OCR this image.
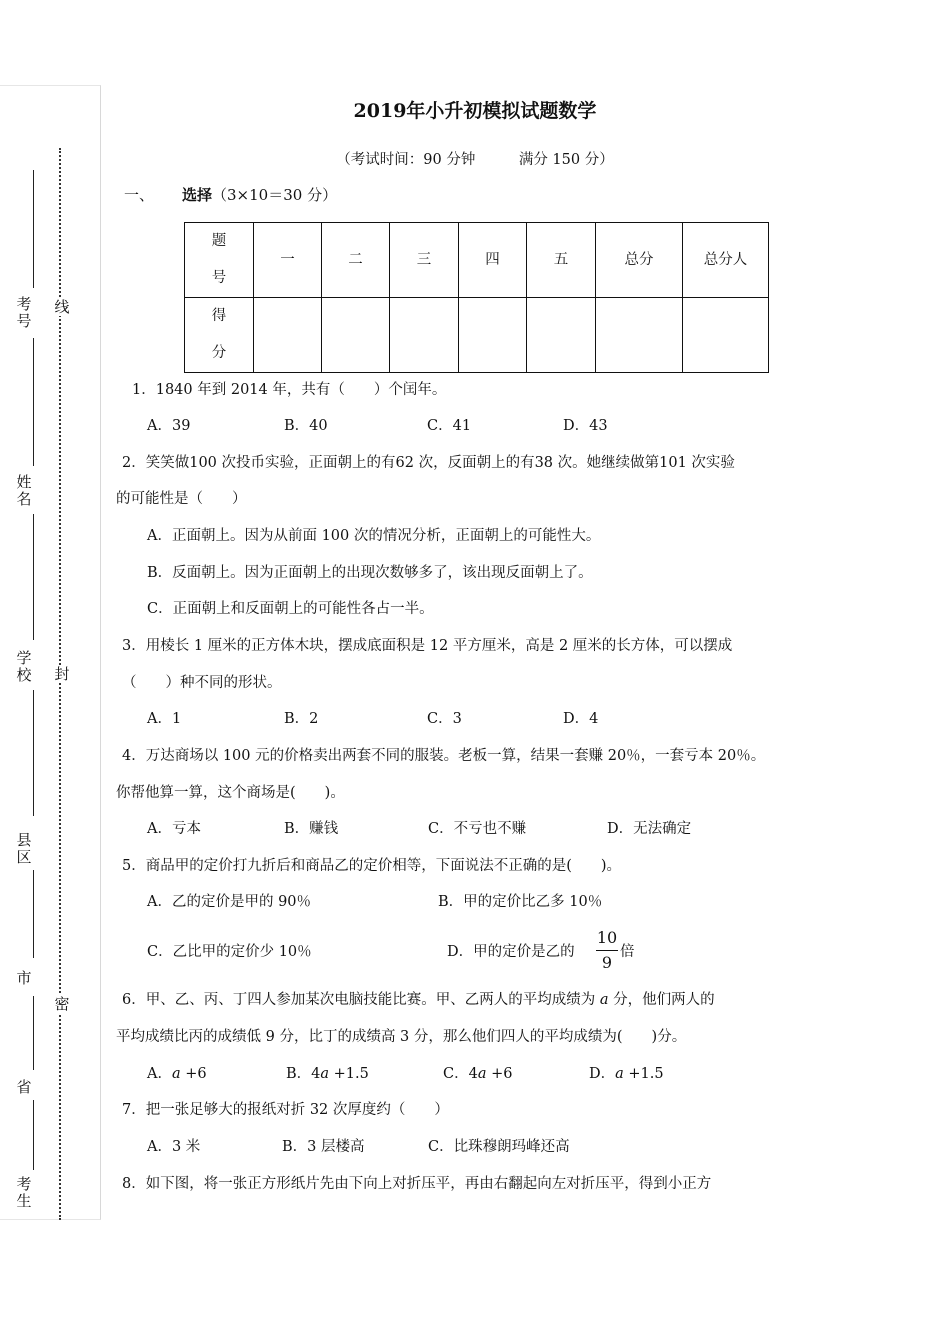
线
封
密
考号
姓名
学校
县区
市
省
考生
2019年小升初模拟试题数学
（考试时间：90 分钟　　　满分 150 分）
一、 选择（3×10＝30 分）
题号	一	二	三	四	五	总分	总分人

得分							

1．1840 年到 2014 年，共有（　　）个闰年。
A．39	B．40	C．41	D．43
2．笑笑做100 次投币实验，正面朝上的有62 次，反面朝上的有38 次。她继续做第101 次实验
的可能性是（　　）
A．正面朝上。因为从前面 100 次的情况分析，正面朝上的可能性大。
B．反面朝上。因为正面朝上的出现次数够多了，该出现反面朝上了。
C．正面朝上和反面朝上的可能性各占一半。
3．用棱长 1 厘米的正方体木块，摆成底面积是 12 平方厘米，高是 2 厘米的长方体，可以摆成
（　　）种不同的形状。
A．1	B．2	C．3	D．4
4．万达商场以 100 元的价格卖出两套不同的服装。老板一算，结果一套赚 20％，一套亏本 20％。
你帮他算一算，这个商场是(　　)。
A．亏本	B．赚钱	C．不亏也不赚	D．无法确定
5．商品甲的定价打九折后和商品乙的定价相等，下面说法不正确的是(　　)。
A．乙的定价是甲的 90％	B．甲的定价比乙多 10％
C．乙比甲的定价少 10％	D．甲的定价是乙的
10
9
倍
6．甲、乙、丙、丁四人参加某次电脑技能比赛。甲、乙两人的平均成绩为 a 分，他们两人的
平均成绩比丙的成绩低 9 分，比丁的成绩高 3 分，那么他们四人的平均成绩为(　　)分。
A．a +6	B．4a +1.5	C．4a +6	D．a +1.5
7．把一张足够大的报纸对折 32 次厚度约（　　）
A．3 米	B．3 层楼高	C．比珠穆朗玛峰还高
8．如下图，将一张正方形纸片先由下向上对折压平，再由右翻起向左对折压平，得到小正方
